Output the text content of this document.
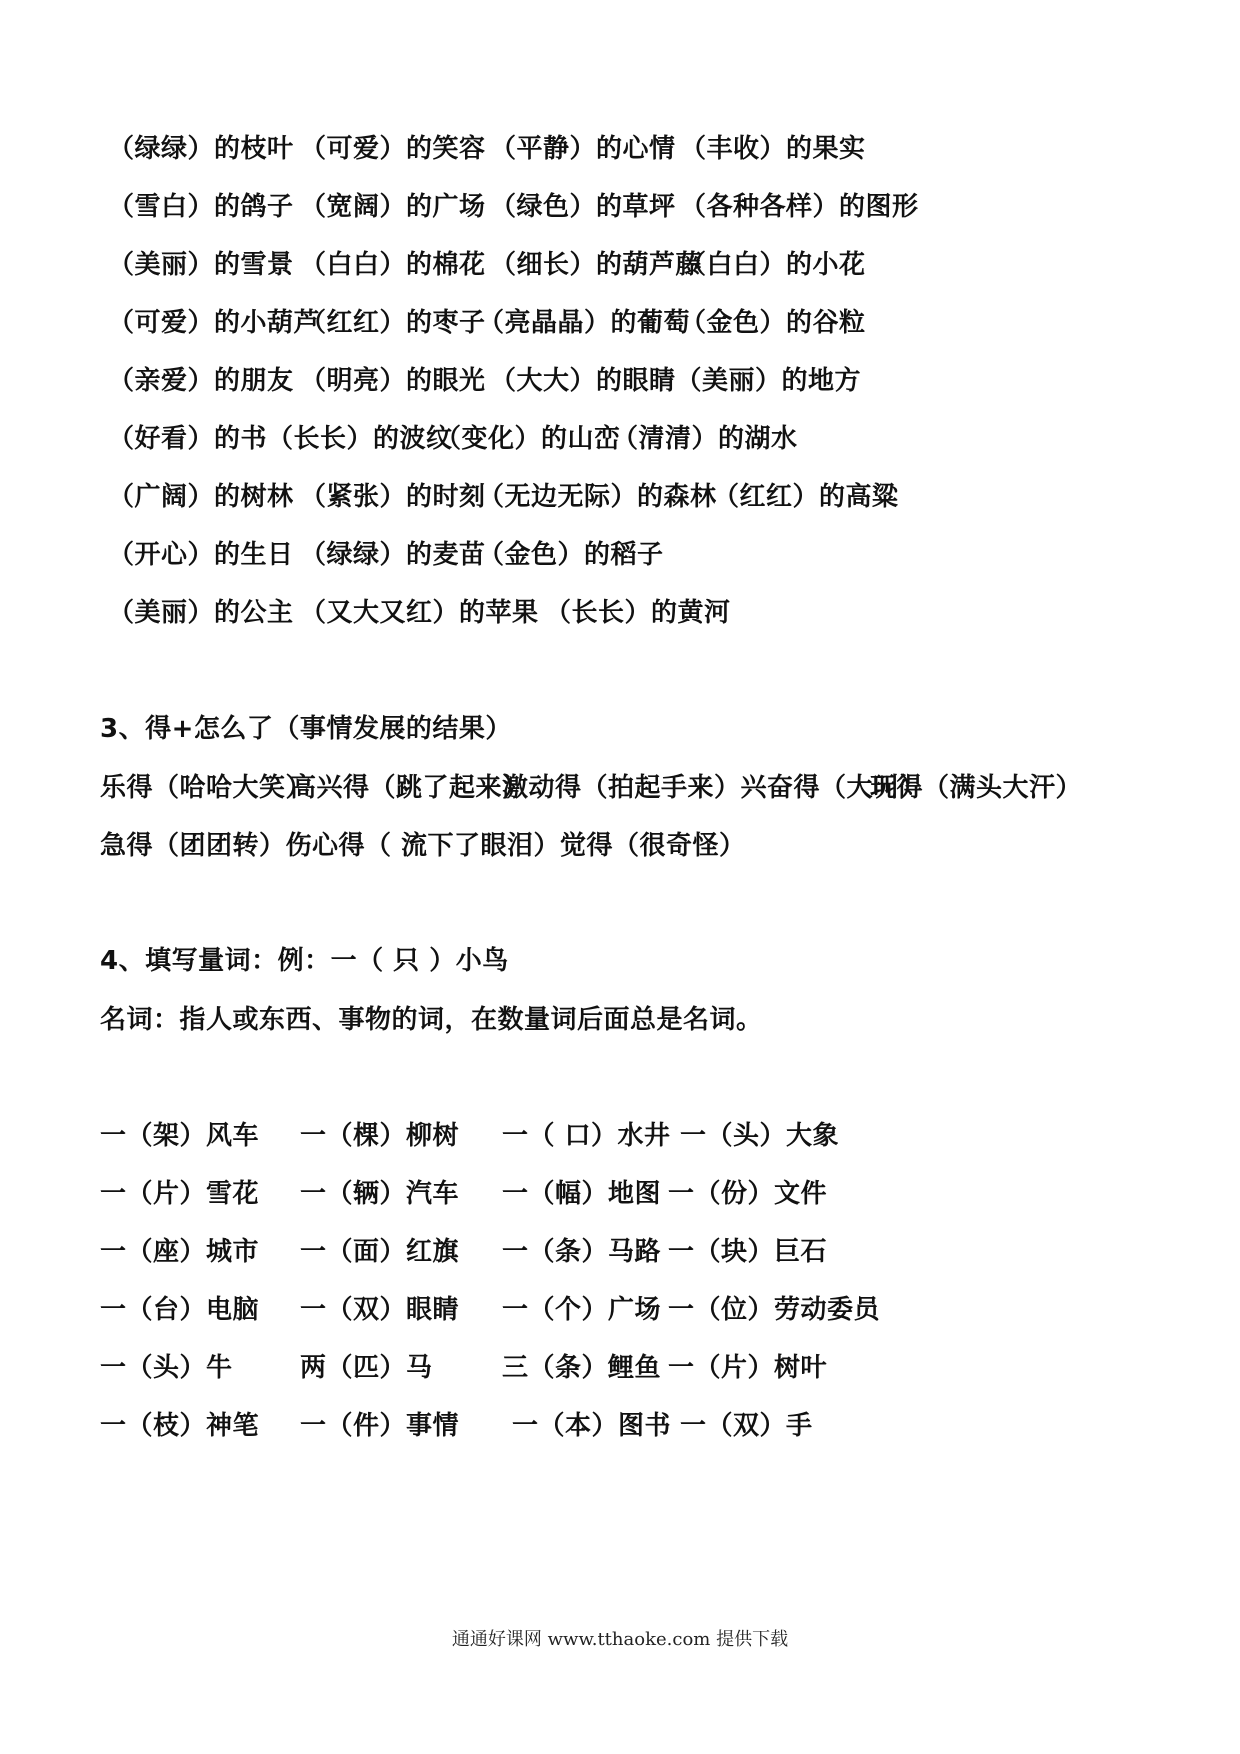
（绿绿）的枝叶 （可爱）的笑容 （平静）的心情 （丰收）的果实
（雪白）的鸽子 （宽阔）的广场 （绿色）的草坪 （各种各样）的图形
（美丽）的雪景 （白白）的棉花 （细长）的葫芦藤
（白白）的小花
（可爱）的小葫芦
（红红）的枣子
（亮晶晶）的葡萄
（金色）的谷粒
（亲爱）的朋友 （明亮）的眼光 （大大）的眼睛（美丽）的地方
（好看）的书（长长）的波纹
（变化）的山峦
（清清）的湖水
（广阔）的树林 （紧张）的时刻
（无边无际）的森林
（红红）的高粱
（开心）的生日 （绿绿）的麦苗
（金色）的稻子
（美丽）的公主 （又大又红）的苹果 （长长）的黄河
3、得+怎么了（事情发展的结果）
乐得（哈哈大笑）
高兴得（跳了起来）
激动得（拍起手来）兴奋得（大叫）
玩得（满头大汗）
急得（团团转）伤心得（ 流下了眼泪）觉得（很奇怪）
4、填写量词：例：一（ 只 ）小鸟
名词：指人或东西、事物的词，在数量词后面总是名词。
一（架）风车 一（棵）柳树 一（ 口）水井 一（头）大象
一（片）雪花 一（辆）汽车 一（幅）地图 一（份）文件
一（座）城市 一（面）红旗 一（条）马路 一（块）巨石
一（台）电脑 一（双）眼睛 一（个）广场 一（位）劳动委员
一（头）牛	两（匹）马	三（条）鲤鱼 一（片）树叶
一（枝）神笔 一（件）事情 一（本）图书 一（双）手
通通好课网 www.tthaoke.com 提供下载
